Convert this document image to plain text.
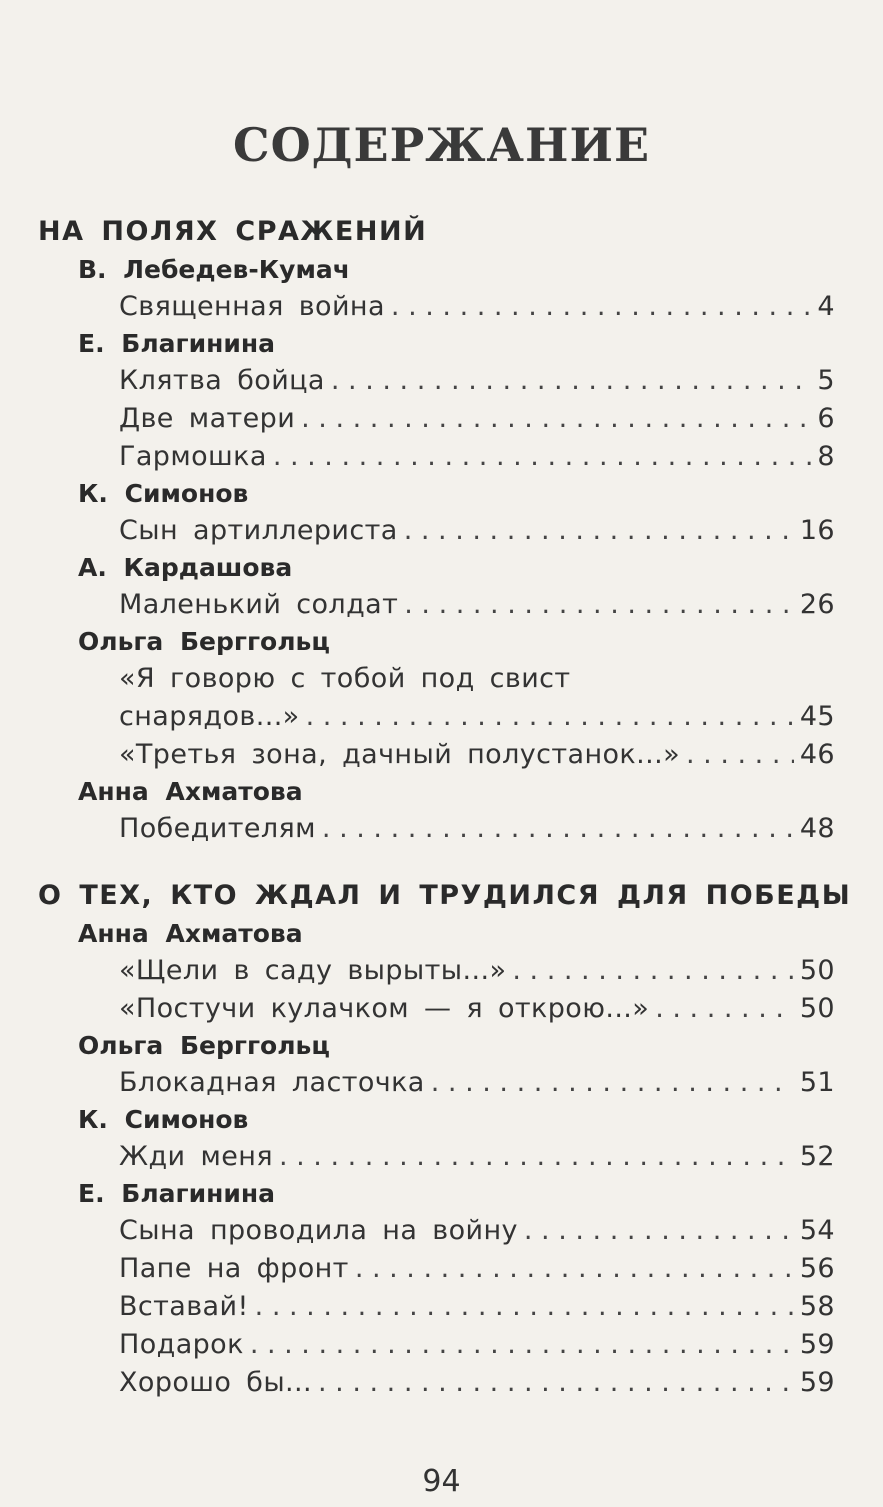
СОДЕРЖАНИЕ
НА ПОЛЯХ СРАЖЕНИЙ
В. Лебедев-Кумач
Священная война . . .	4
Е. Благинина
Клятва бойца . . .	5
Две матери . . .	6
Гармошка . . .	8
К. Симонов
Сын артиллериста . . .	16
А. Кардашова
Маленький солдат . . .	26
Ольга Берггольц
«Я говорю с тобой под свист
снарядов...» . . .	45
«Третья зона, дачный полустанок...» . . .	46
Анна Ахматова
Победителям . . .	48
О ТЕХ, КТО ЖДАЛ И ТРУДИЛСЯ ДЛЯ ПОБЕДЫ
Анна Ахматова
«Щели в саду вырыты...» . . .	50
«Постучи кулачком — я открою...» . . .	50
Ольга Берггольц
Блокадная ласточка . . .	51
К. Симонов
Жди меня . . .	52
Е. Благинина
Сына проводила на войну . . .	54
Папе на фронт . . .	56
Вставай! . . .	58
Подарок . . .	59
Хорошо бы... . . .	59
94
